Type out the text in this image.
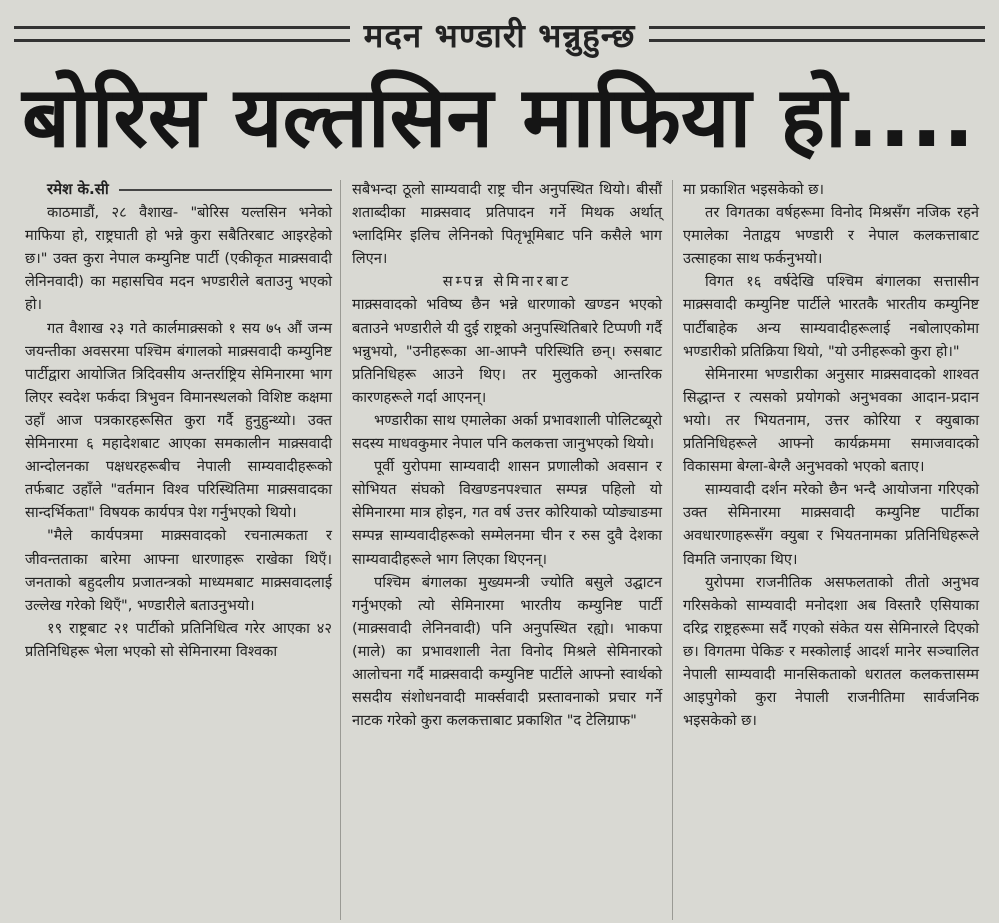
मदन भण्डारी भन्नुहुन्छ
बोरिस यल्तसिन माफिया हो....

रमेश के.सी

काठमाडौं, २८ वैशाख- "बोरिस यल्तसिन भनेको माफिया हो, राष्ट्रघाती हो भन्ने कुरा सबैतिरबाट आइरहेको छ।" उक्त कुरा नेपाल कम्युनिष्ट पार्टी (एकीकृत माक्र्सवादी लेनिनवादी) का महासचिव मदन भण्डारीले बताउनु भएको हो।

गत वैशाख २३ गते कार्लमाक्र्सको १ सय ७५ औं जन्म जयन्तीका अवसरमा पश्चिम बंगालको माक्र्सवादी कम्युनिष्ट पार्टीद्वारा आयोजित त्रिदिवसीय अन्तर्राष्ट्रिय सेमिनारमा भाग लिएर स्वदेश फर्कदा त्रिभुवन विमानस्थलको विशिष्ट कक्षमा उहाँ आज पत्रकारहरूसित कुरा गर्दै हुनुहुन्थ्यो। उक्त सेमिनारमा ६ महादेशबाट आएका समकालीन माक्र्सवादी आन्दोलनका पक्षधरहरूबीच नेपाली साम्यवादीहरूको तर्फबाट उहाँले "वर्तमान विश्व परिस्थितिमा माक्र्सवादका सान्दर्भिकता" विषयक कार्यपत्र पेश गर्नुभएको थियो।

"मैले कार्यपत्रमा माक्र्सवादको रचनात्मकता र जीवन्तताका बारेमा आफ्ना धारणाहरू राखेका थिएँ। जनताको बहुदलीय प्रजातन्त्रको माध्यमबाट माक्र्सवादलाई उल्लेख गरेको थिएँ", भण्डारीले बताउनुभयो।

१९ राष्ट्रबाट २१ पार्टीको प्रतिनिधित्व गरेर आएका ४२ प्रतिनिधिहरू भेला भएको सो सेमिनारमा विश्वका

सबैभन्दा ठूलो साम्यवादी राष्ट्र चीन अनुपस्थित थियो। बीसौं शताब्दीका माक्र्सवाद प्रतिपादन गर्ने मिथक अर्थात् भ्लादिमिर इलिच लेनिनको पितृभूमिबाट पनि कसैले भाग लिएन।

सम्पन्न सेमिनारबाट

माक्र्सवादको भविष्य छैन भन्ने धारणाको खण्डन भएको बताउने भण्डारीले यी दुई राष्ट्रको अनुपस्थितिबारे टिप्पणी गर्दै भन्नुभयो, "उनीहरूका आ-आफ्नै परिस्थिति छन्। रुसबाट प्रतिनिधिहरू आउने थिए। तर मुलुकको आन्तरिक कारणहरूले गर्दा आएनन्।

भण्डारीका साथ एमालेका अर्का प्रभावशाली पोलिटब्यूरो सदस्य माधवकुमार नेपाल पनि कलकत्ता जानुभएको थियो।

पूर्वी युरोपमा साम्यवादी शासन प्रणालीको अवसान र सोभियत संघको विखण्डनपश्चात सम्पन्न पहिलो यो सेमिनारमा मात्र होइन, गत वर्ष उत्तर कोरियाको प्योङ्याङमा सम्पन्न साम्यवादीहरूको सम्मेलनमा चीन र रुस दुवै देशका साम्यवादीहरूले भाग लिएका थिएनन्।

पश्चिम बंगालका मुख्यमन्त्री ज्योति बसुले उद्घाटन गर्नुभएको त्यो सेमिनारमा भारतीय कम्युनिष्ट पार्टी (माक्र्सवादी लेनिनवादी) पनि अनुपस्थित रह्यो। भाकपा (माले) का प्रभावशाली नेता विनोद मिश्रले सेमिनारको आलोचना गर्दै माक्र्सवादी कम्युनिष्ट पार्टीले आफ्नो स्वार्थको ससदीय संशोधनवादी मार्क्सवादी प्रस्तावनाको प्रचार गर्ने नाटक गरेको कुरा कलकत्ताबाट प्रकाशित "द टेलिग्राफ"

मा प्रकाशित भइसकेको छ।

तर विगतका वर्षहरूमा विनोद मिश्रसँग नजिक रहने एमालेका नेताद्वय भण्डारी र नेपाल कलकत्ताबाट उत्साहका साथ फर्कनुभयो।

विगत १६ वर्षदेखि पश्चिम बंगालका सत्तासीन माक्र्सवादी कम्युनिष्ट पार्टीले भारतकै भारतीय कम्युनिष्ट पार्टीबाहेक अन्य साम्यवादीहरूलाई नबोलाएकोमा भण्डारीको प्रतिक्रिया थियो, "यो उनीहरूको कुरा हो।"

सेमिनारमा भण्डारीका अनुसार माक्र्सवादको शाश्वत सिद्धान्त र त्यसको प्रयोगको अनुभवका आदान-प्रदान भयो। तर भियतनाम, उत्तर कोरिया र क्युबाका प्रतिनिधिहरूले आफ्नो कार्यक्रममा समाजवादको विकासमा बेग्ला-बेग्लै अनुभवको भएको बताए।

साम्यवादी दर्शन मरेको छैन भन्दै आयोजना गरिएको उक्त सेमिनारमा माक्र्सवादी कम्युनिष्ट पार्टीका अवधारणाहरूसँग क्युबा र भियतनामका प्रतिनिधिहरूले विमति जनाएका थिए।

युरोपमा राजनीतिक असफलताको तीतो अनुभव गरिसकेको साम्यवादी मनोदशा अब विस्तारै एसियाका दरिद्र राष्ट्रहरूमा सर्दै गएको संकेत यस सेमिनारले दिएको छ। विगतमा पेकिङ र मस्कोलाई आदर्श मानेर सञ्चालित नेपाली साम्यवादी मानसिकताको धरातल कलकत्तासम्म आइपुगेको कुरा नेपाली राजनीतिमा सार्वजनिक भइसकेको छ।
